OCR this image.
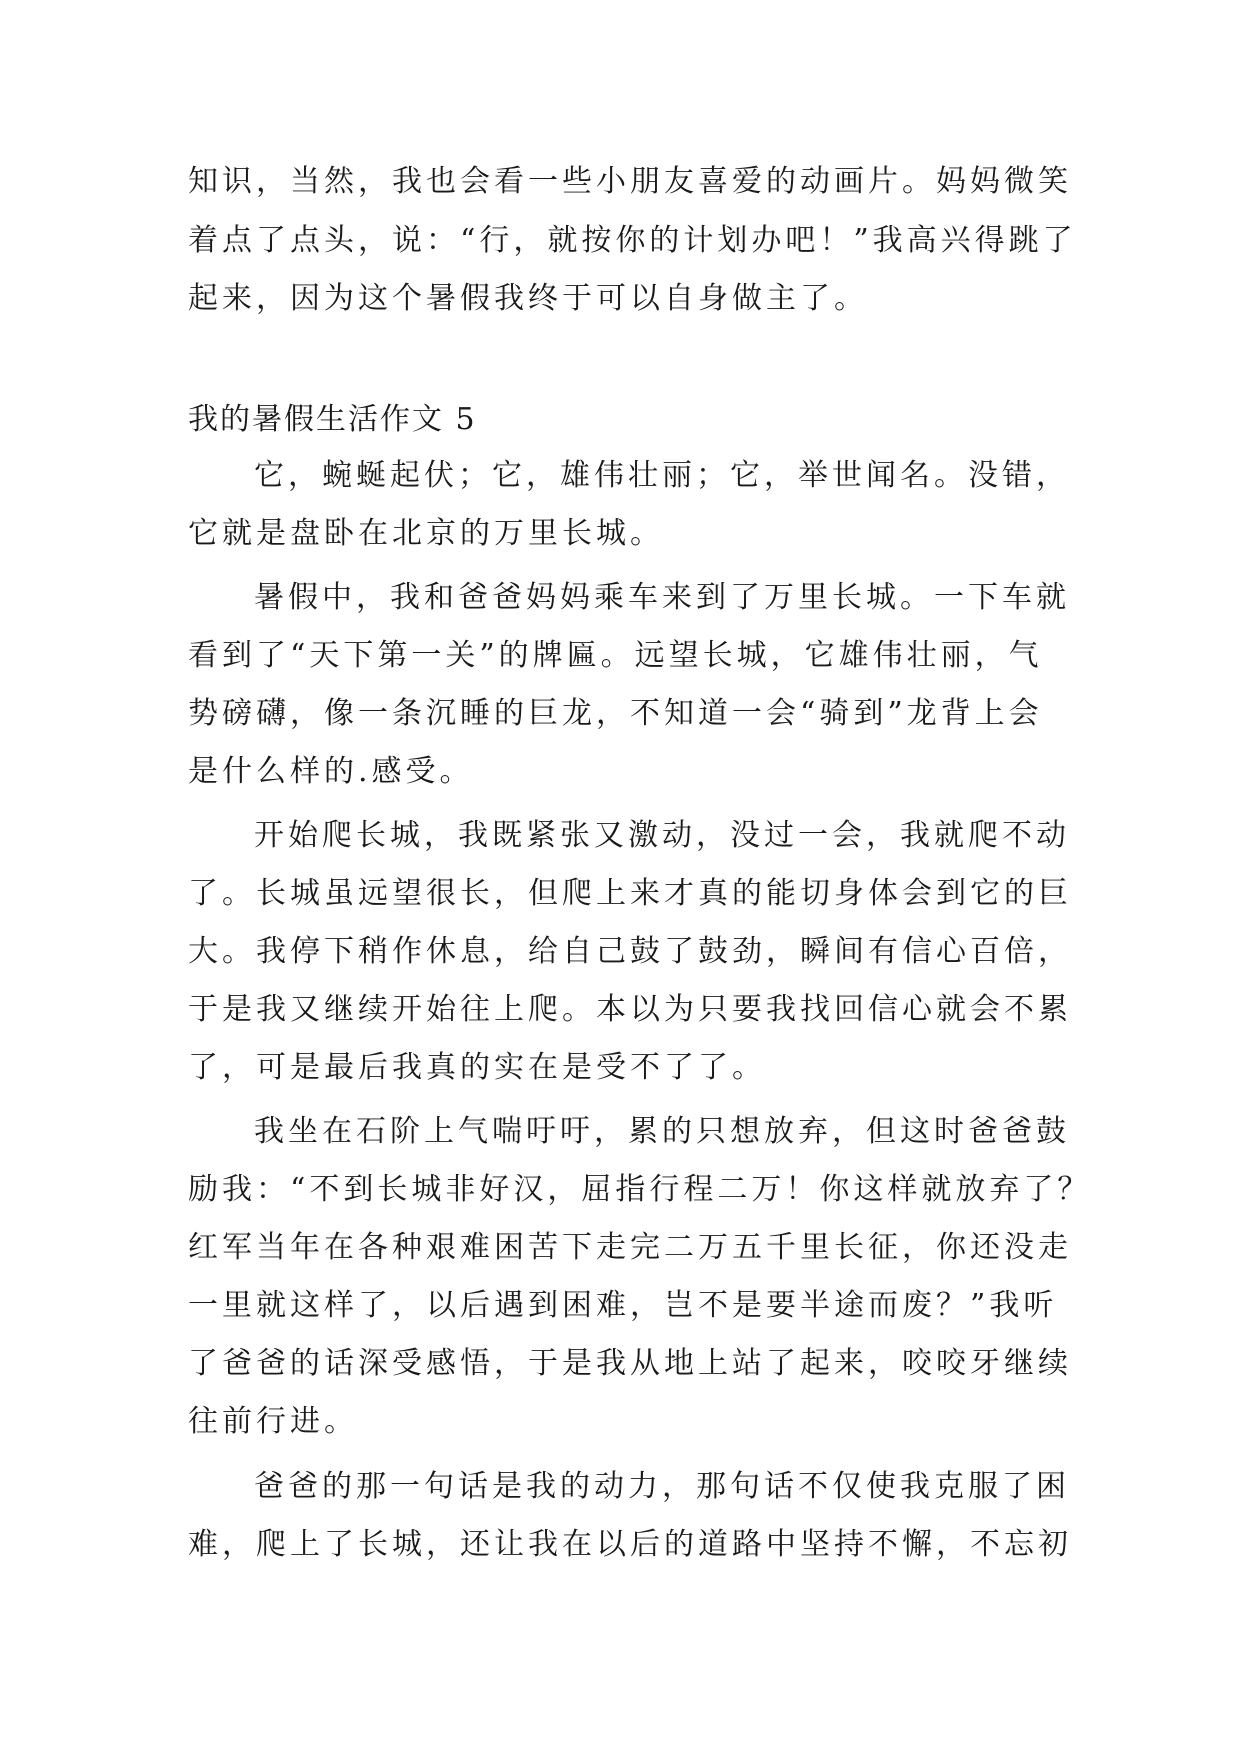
知识，当然，我也会看一些小朋友喜爱的动画片。妈妈微笑
着点了点头，说：“行，就按你的计划办吧！”我高兴得跳了
起来，因为这个暑假我终于可以自身做主了。
我的暑假生活作文 5
它，蜿蜒起伏；它，雄伟壮丽；它，举世闻名。没错，
它就是盘卧在北京的万里长城。
暑假中，我和爸爸妈妈乘车来到了万里长城。一下车就
看到了“天下第一关”的牌匾。远望长城，它雄伟壮丽，气
势磅礴，像一条沉睡的巨龙，不知道一会“骑到”龙背上会
是什么样的.感受。
开始爬长城，我既紧张又激动，没过一会，我就爬不动
了。长城虽远望很长，但爬上来才真的能切身体会到它的巨
大。我停下稍作休息，给自己鼓了鼓劲，瞬间有信心百倍，
于是我又继续开始往上爬。本以为只要我找回信心就会不累
了，可是最后我真的实在是受不了了。
我坐在石阶上气喘吁吁，累的只想放弃，但这时爸爸鼓
励我：“不到长城非好汉，屈指行程二万！你这样就放弃了？
红军当年在各种艰难困苦下走完二万五千里长征，你还没走
一里就这样了，以后遇到困难，岂不是要半途而废？”我听
了爸爸的话深受感悟，于是我从地上站了起来，咬咬牙继续
往前行进。
爸爸的那一句话是我的动力，那句话不仅使我克服了困
难，爬上了长城，还让我在以后的道路中坚持不懈，不忘初
